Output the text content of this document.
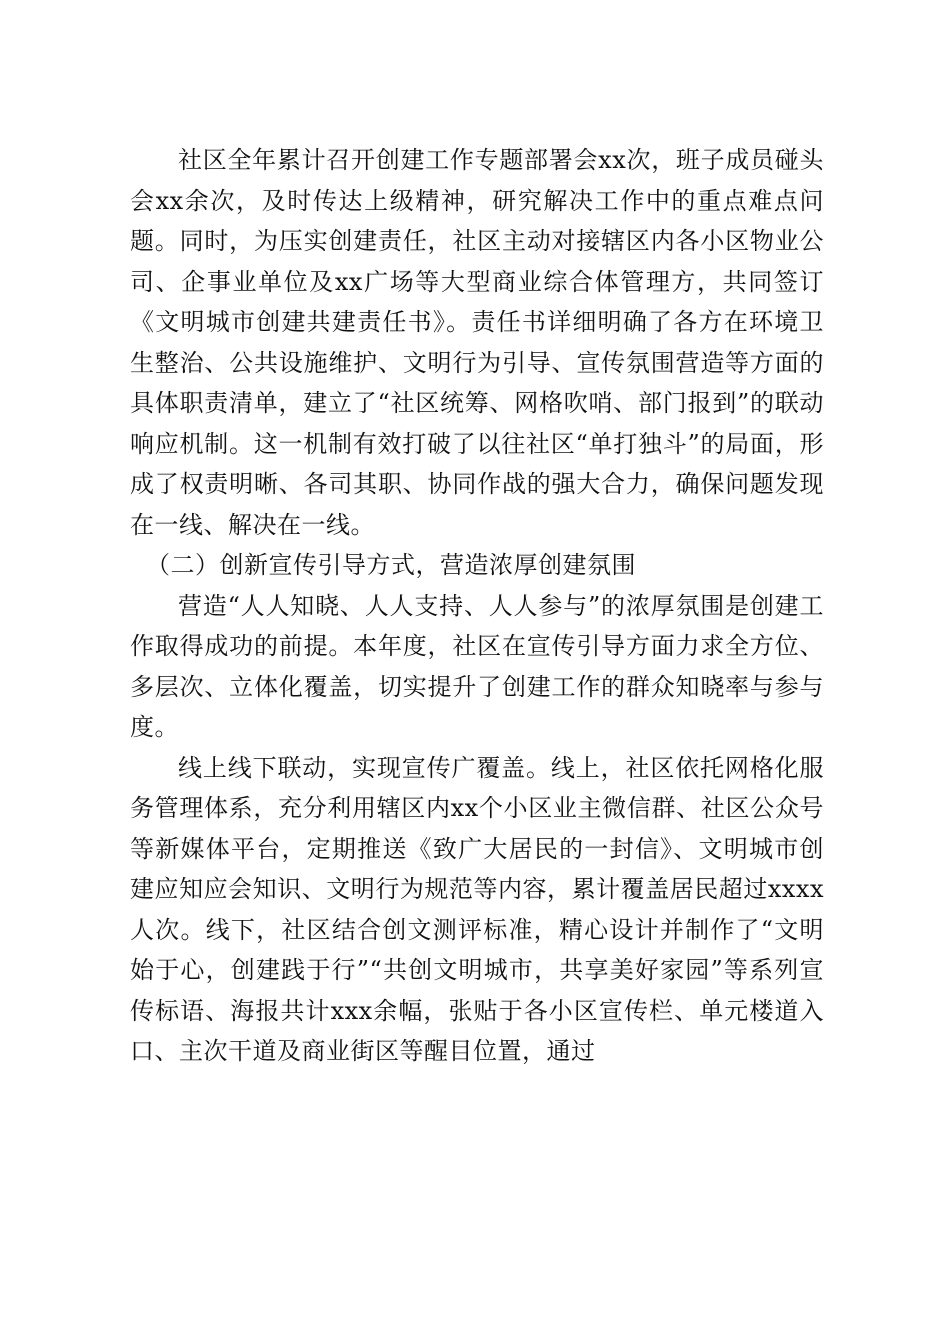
社区全年累计召开创建工作专题部署会xx次，班子成员碰头会xx余次，及时传达上级精神，研究解决工作中的重点难点问题。同时，为压实创建责任，社区主动对接辖区内各小区物业公司、企事业单位及xx广场等大型商业综合体管理方，共同签订《文明城市创建共建责任书》。责任书详细明确了各方在环境卫生整治、公共设施维护、文明行为引导、宣传氛围营造等方面的具体职责清单，建立了“社区统筹、网格吹哨、部门报到”的联动响应机制。这一机制有效打破了以往社区“单打独斗”的局面，形成了权责明晰、各司其职、协同作战的强大合力，确保问题发现在一线、解决在一线。

（二）创新宣传引导方式，营造浓厚创建氛围

营造“人人知晓、人人支持、人人参与”的浓厚氛围是创建工作取得成功的前提。本年度，社区在宣传引导方面力求全方位、多层次、立体化覆盖，切实提升了创建工作的群众知晓率与参与度。

线上线下联动，实现宣传广覆盖。线上，社区依托网格化服务管理体系，充分利用辖区内xx个小区业主微信群、社区公众号等新媒体平台，定期推送《致广大居民的一封信》、文明城市创建应知应会知识、文明行为规范等内容，累计覆盖居民超过xxxx人次。线下，社区结合创文测评标准，精心设计并制作了“文明始于心，创建践于行”“共创文明城市，共享美好家园”等系列宣传标语、海报共计xxx余幅，张贴于各小区宣传栏、单元楼道入口、主次干道及商业街区等醒目位置，通过
